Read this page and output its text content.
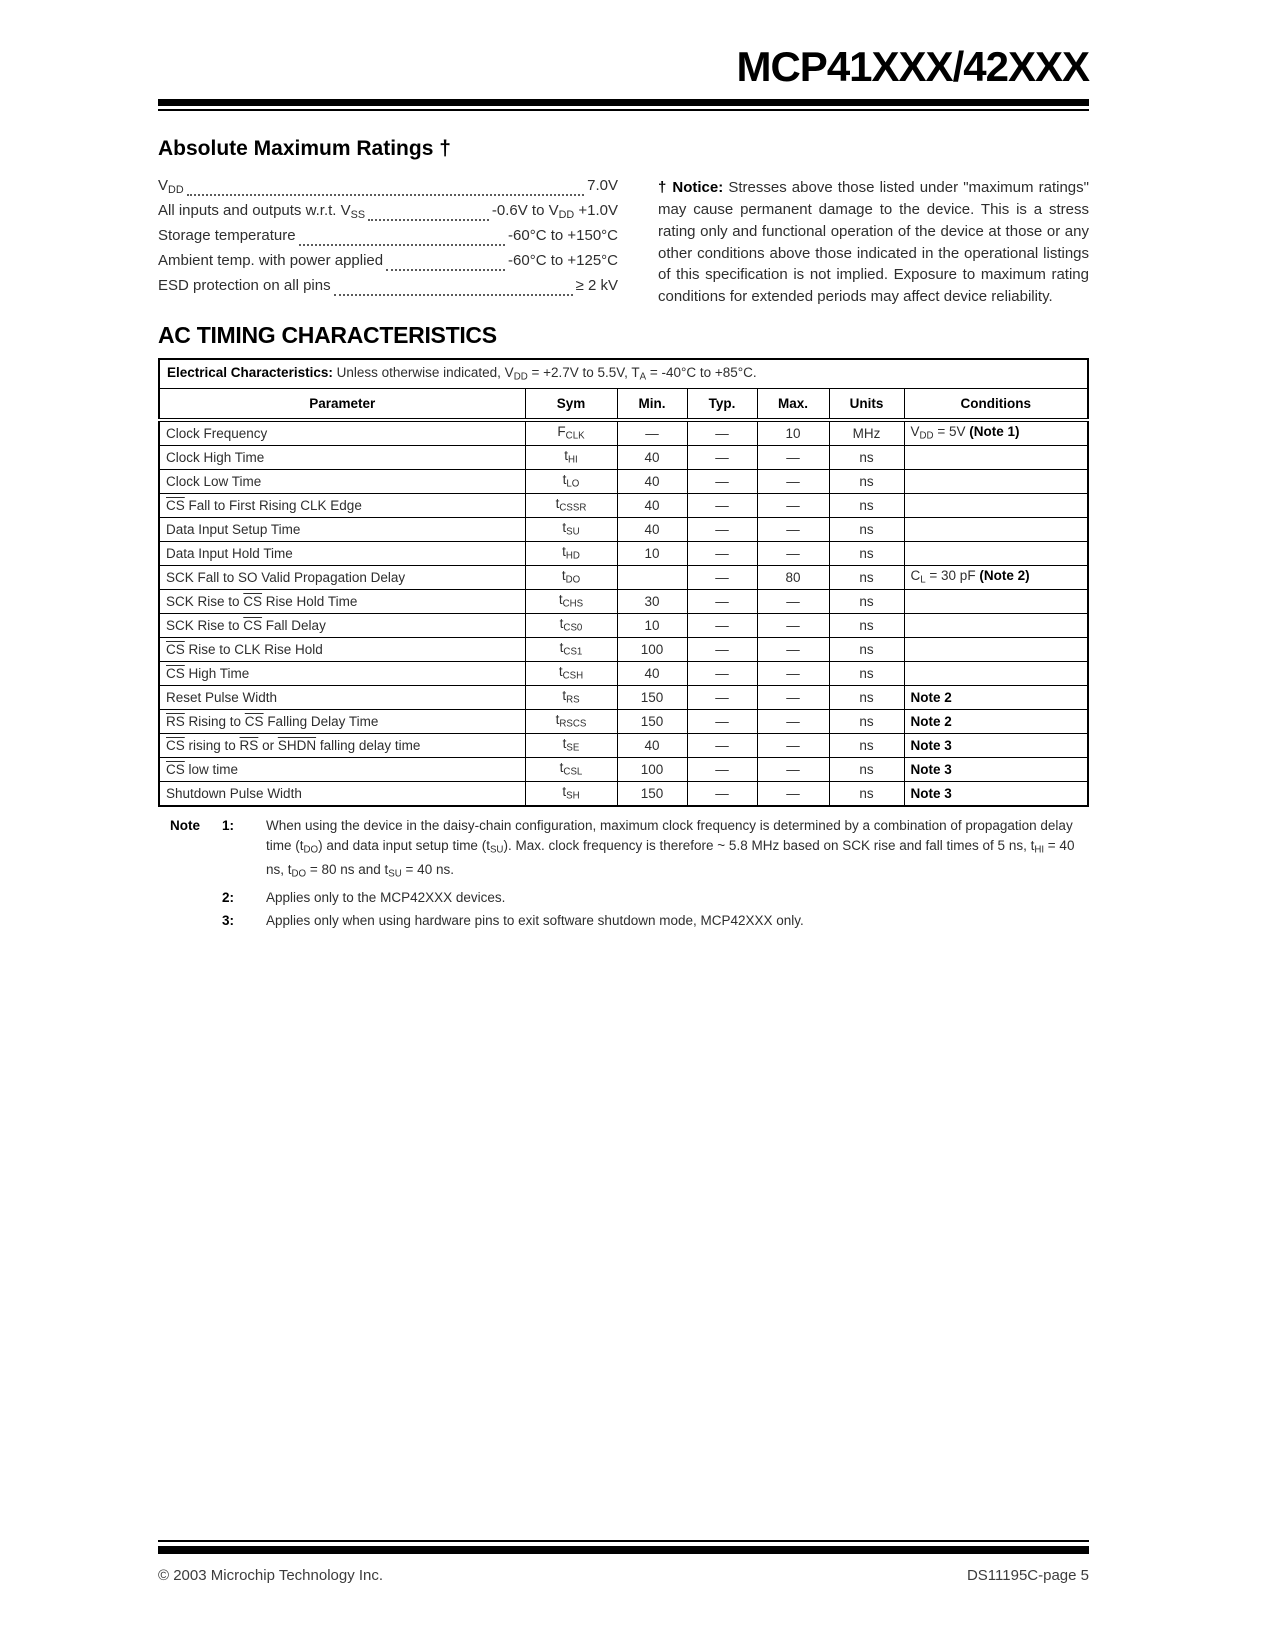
MCP41XXX/42XXX
Absolute Maximum Ratings †
$V_{DD}$	7.0V
All inputs and outputs w.r.t. $V_{SS}$	-0.6V to $V_{DD} +1.0V$
Storage temperature	-60°C to +150°C
Ambient temp. with power applied	-60°C to +125°C
ESD protection on all pins	≥ 2 kV

† Notice: Stresses above those listed under "maximum ratings" may cause permanent damage to the device. This is a stress rating only and functional operation of the device at those or any other conditions above those indicated in the operational listings of this specification is not implied. Exposure to maximum rating conditions for extended periods may affect device reliability.

AC TIMING CHARACTERISTICS
Electrical Characteristics: Unless otherwise indicated, $V_{DD} = +2.7V$ to 5.5V, $T_A = -40^\circ C$ to +85°C.						
Parameter	Sym	Min.	Typ.	Max.	Units	Conditions
Clock Frequency	$F_{CLK}$	—	—	10	MHz	$V_{DD} = 5V$ (Note 1)
Clock High Time	$t_{HI}$	40	—	—	ns	
Clock Low Time	$t_{LO}$	40	—	—	ns	
$\overline{CS}$ Fall to First Rising CLK Edge	$t_{CSSR}$	40	—	—	ns	
Data Input Setup Time	$t_{SU}$	40	—	—	ns	
Data Input Hold Time	$t_{HD}$	10	—	—	ns	
SCK Fall to SO Valid Propagation Delay	$t_{DO}$		—	80	ns	$C_L = 30$ pF (Note 2)
SCK Rise to $\overline{CS}$ Rise Hold Time	$t_{CHS}$	30	—	—	ns	
SCK Rise to $\overline{CS}$ Fall Delay	$t_{CS0}$	10	—	—	ns	
$\overline{CS}$ Rise to CLK Rise Hold	$t_{CS1}$	100	—	—	ns	
$\overline{CS}$ High Time	$t_{CSH}$	40	—	—	ns	
Reset Pulse Width	$t_{RS}$	150	—	—	ns	Note 2
$\overline{RS}$ Rising to $\overline{CS}$ Falling Delay Time	$t_{RSCS}$	150	—	—	ns	Note 2
$\overline{CS}$ rising to $\overline{RS}$ or SHDN falling delay time	$t_{SE}$	40	—	—	ns	Note 3
$\overline{CS}$ low time	$t_{CSL}$	100	—	—	ns	Note 3
Shutdown Pulse Width	$t_{SH}$	150	—	—	ns	Note 3
Note	1:	When using the device in the daisy-chain configuration, maximum clock frequency is determined by a combination of propagation delay time $(t_{DO})$ and data input setup time $(t_{SU})$. Max. clock frequency is therefore ~ 5.8 MHz based on SCK rise and fall times of 5 ns, $t_{HI} = 40$ ns, $t_{DO} = 80$ ns and $t_{SU} = 40$ ns.
2:	Applies only to the MCP42XXX devices.
3:	Applies only when using hardware pins to exit software shutdown mode, MCP42XXX only.
© 2003 Microchip Technology Inc.	DS11195C-page 5
